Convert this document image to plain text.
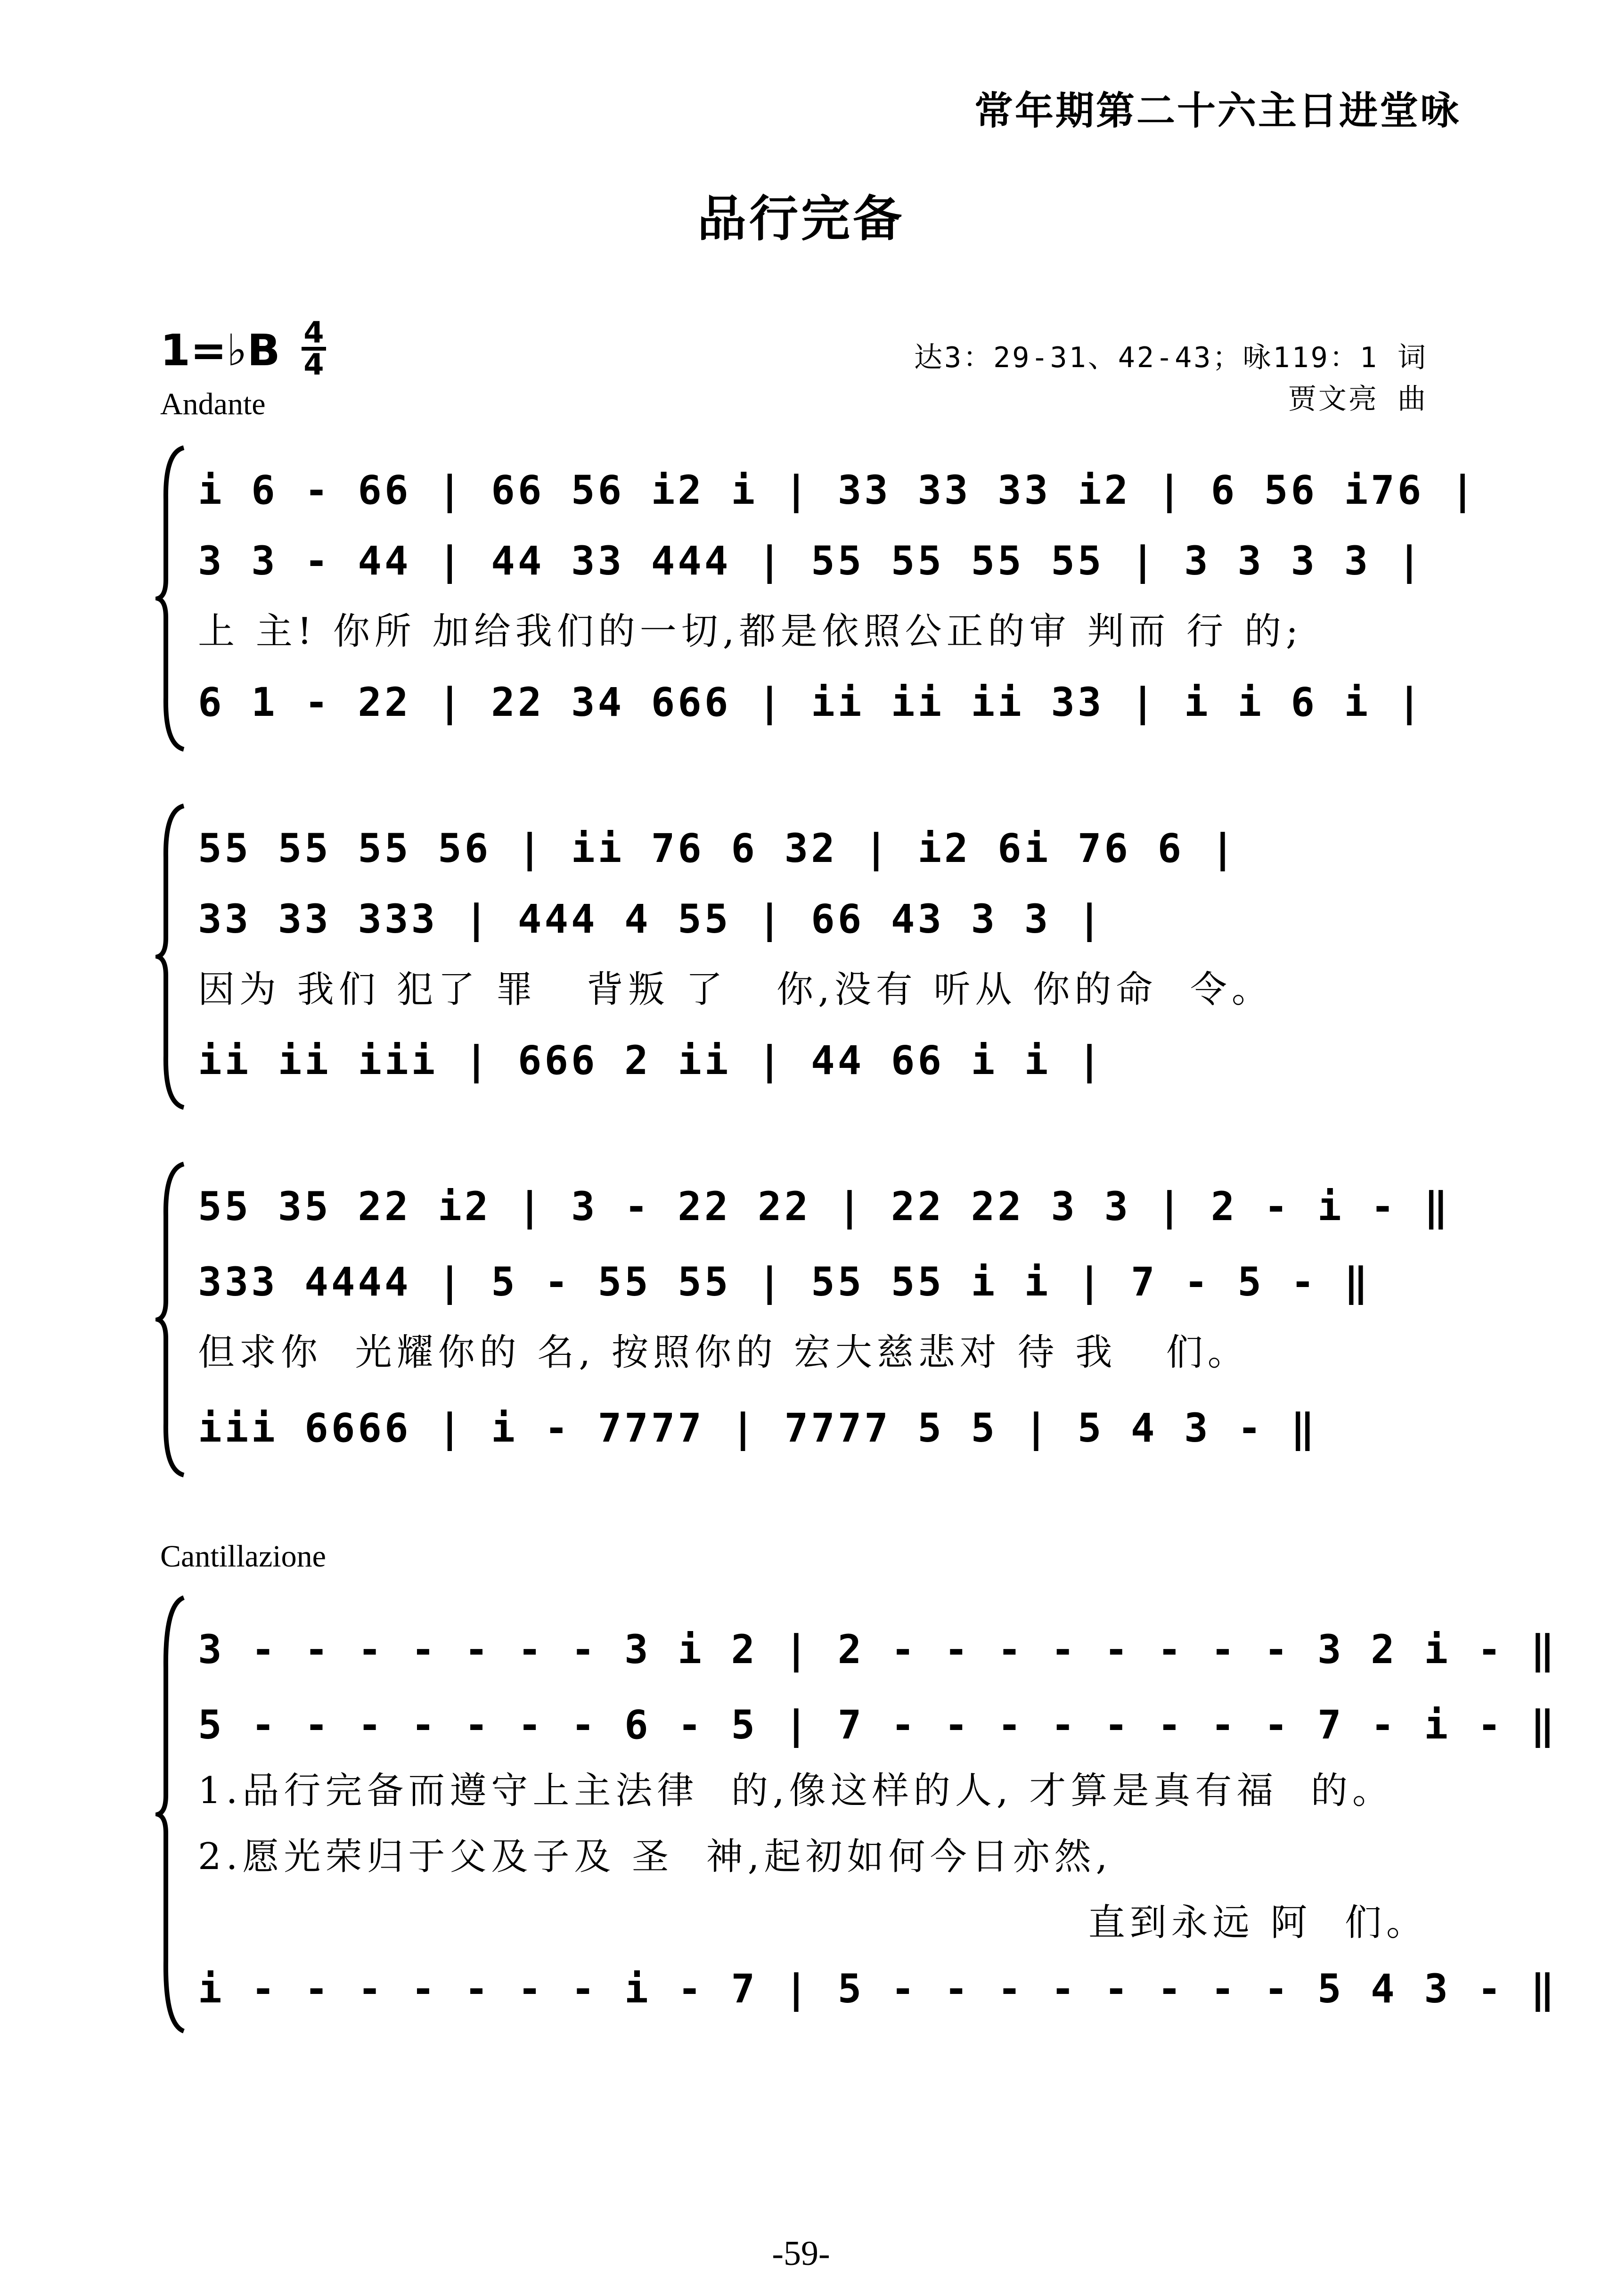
常年期第二十六主日进堂咏
品行完备
1=♭B 4
4
Andante
达3：29-31、42-43；咏119：1 词
贾文亮 曲
i 6 - 66 | 66 56 i2 i | 33 33 33 i2 | 6 56 i76 |
3 3 - 44 | 44 33 444 | 55 55 55 55 | 3 3 3 3 |
上 主! 你所 加给我们的一切,都是依照公正的审 判而 行 的;
6 1 - 22 | 22 34 666 | ii ii ii 33 | i i 6 i |
55 55 55 56 | ii 76 6 32 | i2 6i 76 6 |
33 33 333 | 444 4 55 | 66 43 3 3 |
因为 我们 犯了 罪   背叛 了   你,没有 听从 你的命  令。
ii ii iii | 666 2 ii | 44 66 i i |
55 35 22 i2 | 3 - 22 22 | 22 22 3 3 | 2 - i - ‖
333 4444 | 5 - 55 55 | 55 55 i i | 7 - 5 - ‖
但求你  光耀你的 名, 按照你的 宏大慈悲对 待 我   们。
iii 6666 | i - 7777 | 7777 5 5 | 5 4 3 - ‖
Cantillazione
3 - - - - - - - 3 i 2 | 2 - - - - - - - - 3 2 i - ‖
5 - - - - - - - 6 - 5 | 7 - - - - - - - - 7 - i - ‖
1.品行完备而遵守上主法律  的,像这样的人, 才算是真有福  的。
2.愿光荣归于父及子及 圣  神,起初如何今日亦然,
直到永远 阿  们。
i - - - - - - - i - 7 | 5 - - - - - - - - 5 4 3 - ‖
-59-
